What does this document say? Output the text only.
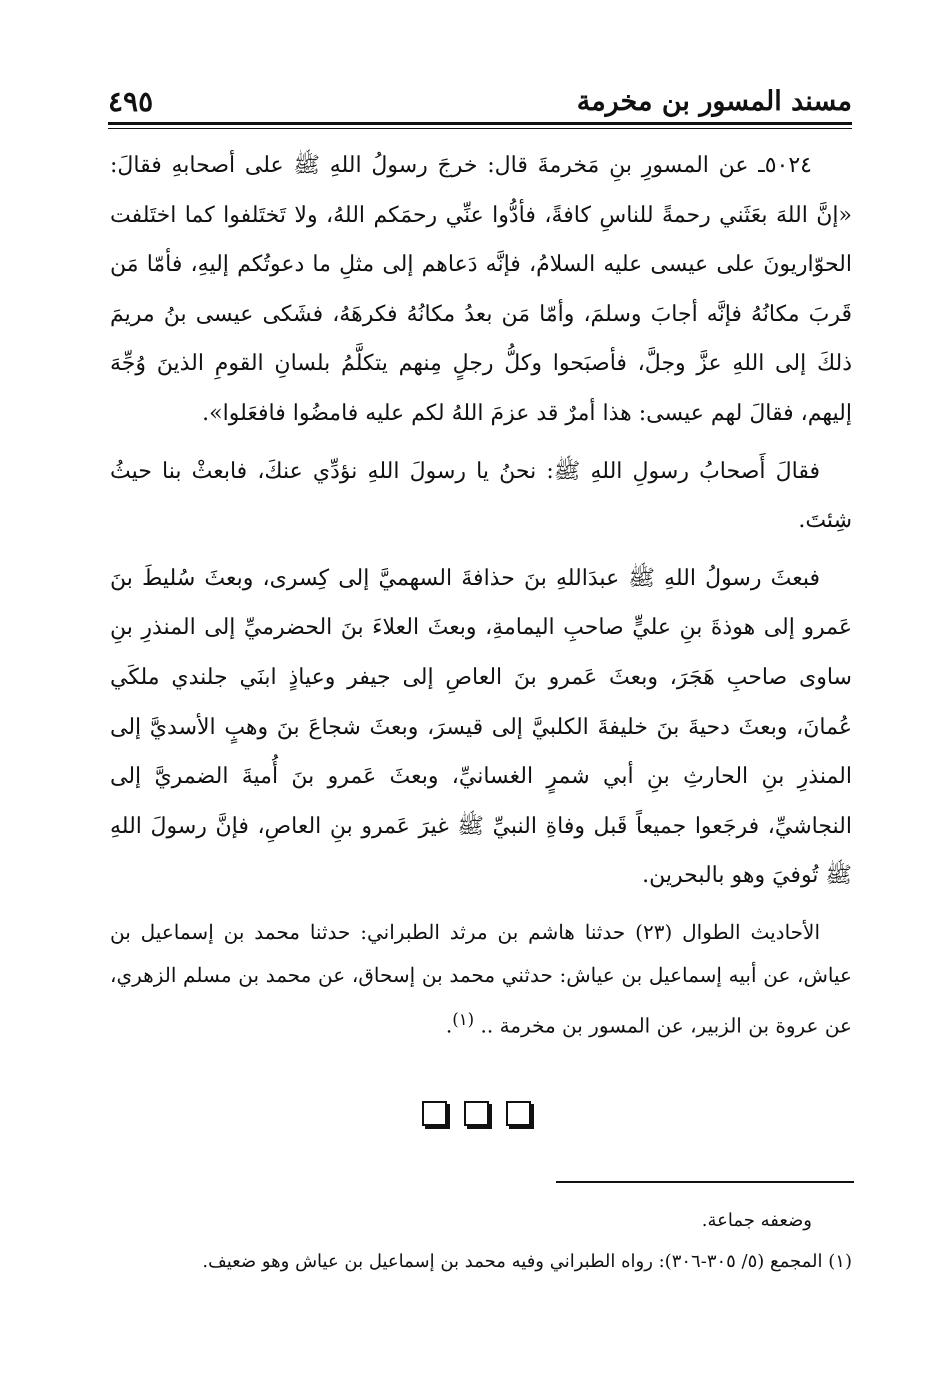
مسند المسور بن مخرمة
٤٩٥

٥٠٢٤ـ عن المسورِ بنِ مَخرمةَ قال: خرجَ رسولُ اللهِ ﷺ على أصحابهِ فقالَ: «إنَّ اللهَ بعَثَني رحمةً للناسِ كافةً، فأدُّوا عنِّي رحمَكم اللهُ، ولا تَختَلفوا كما اختَلفت الحوّاريونَ على عيسى عليه السلامُ، فإنَّه دَعاهم إلى مثلِ ما دعوتُكم إليهِ، فأمّا مَن قَربَ مكانُهُ فإنَّه أجابَ وسلمَ، وأمّا مَن بعدُ مكانُهُ فكرهَهُ، فشَكى عيسى بنُ مريمَ ذلكَ إلى اللهِ عزَّ وجلَّ، فأصبَحوا وكلُّ رجلٍ مِنهم يتكلَّمُ بلسانِ القومِ الذينَ وُجِّهَ إليهم، فقالَ لهم عيسى: هذا أمرٌ قد عزمَ اللهُ لكم عليه فامضُوا فافعَلوا».

فقالَ أَصحابُ رسولِ اللهِ ﷺ: نحنُ يا رسولَ اللهِ نؤدِّي عنكَ، فابعثْ بنا حيثُ شِئتَ.

فبعثَ رسولُ اللهِ ﷺ عبدَاللهِ بنَ حذافةَ السهميَّ إلى كِسرى، وبعثَ سُليطَ بنَ عَمرو إلى هوذةَ بنِ عليٍّ صاحبِ اليمامةِ، وبعثَ العلاءَ بنَ الحضرميِّ إلى المنذرِ بنِ ساوى صاحبِ هَجَرَ، وبعثَ عَمرو بنَ العاصِ إلى جيفر وعياذٍ ابنَي جلندي ملكَي عُمانَ، وبعثَ دحيةَ بنَ خليفةَ الكلبيَّ إلى قيسرَ، وبعثَ شجاعَ بنَ وهبٍ الأسديَّ إلى المنذرِ بنِ الحارثِ بنِ أبي شمرٍ الغسانيِّ، وبعثَ عَمرو بنَ أُميةَ الضمريَّ إلى النجاشيِّ، فرجَعوا جميعاً قَبل وفاةِ النبيِّ ﷺ غيرَ عَمرو بنِ العاصِ، فإنَّ رسولَ اللهِ ﷺ تُوفيَ وهو بالبحرين.

الأحاديث الطوال (٢٣) حدثنا هاشم بن مرثد الطبراني: حدثنا محمد بن إسماعيل بن عياش، عن أبيه إسماعيل بن عياش: حدثني محمد بن إسحاق، عن محمد بن مسلم الزهري، عن عروة بن الزبير، عن المسور بن مخرمة .. $^{(١)}$.

وضعفه جماعة.

(١) المجمع (٥/ ٣٠٥-٣٠٦): رواه الطبراني وفيه محمد بن إسماعيل بن عياش وهو ضعيف.
